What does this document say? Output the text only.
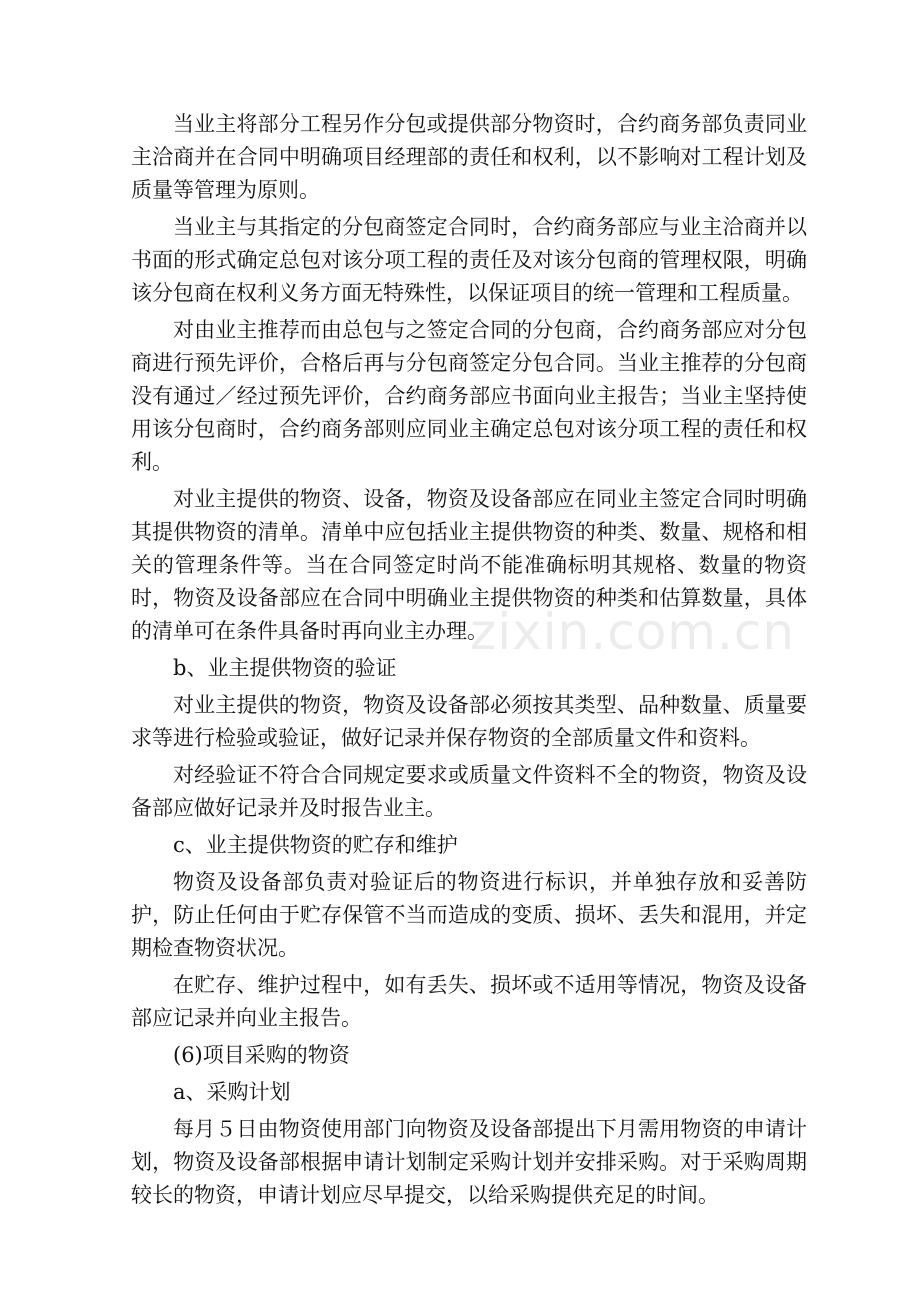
当业主将部分工程另作分包或提供部分物资时，合约商务部负责同业主洽商并在合同中明确项目经理部的责任和权利，以不影响对工程计划及质量等管理为原则。

当业主与其指定的分包商签定合同时，合约商务部应与业主洽商并以书面的形式确定总包对该分项工程的责任及对该分包商的管理权限，明确该分包商在权利义务方面无特殊性，以保证项目的统一管理和工程质量。

对由业主推荐而由总包与之签定合同的分包商，合约商务部应对分包商进行预先评价，合格后再与分包商签定分包合同。当业主推荐的分包商没有通过／经过预先评价，合约商务部应书面向业主报告；当业主坚持使用该分包商时，合约商务部则应同业主确定总包对该分项工程的责任和权利。

对业主提供的物资、设备，物资及设备部应在同业主签定合同时明确其提供物资的清单。清单中应包括业主提供物资的种类、数量、规格和相关的管理条件等。当在合同签定时尚不能准确标明其规格、数量的物资时，物资及设备部应在合同中明确业主提供物资的种类和估算数量，具体的清单可在条件具备时再向业主办理。

b、业主提供物资的验证

对业主提供的物资，物资及设备部必须按其类型、品种数量、质量要求等进行检验或验证，做好记录并保存物资的全部质量文件和资料。

对经验证不符合合同规定要求或质量文件资料不全的物资，物资及设备部应做好记录并及时报告业主。

c、业主提供物资的贮存和维护

物资及设备部负责对验证后的物资进行标识，并单独存放和妥善防护，防止任何由于贮存保管不当而造成的变质、损坏、丢失和混用，并定期检查物资状况。

在贮存、维护过程中，如有丢失、损坏或不适用等情况，物资及设备部应记录并向业主报告。

(6)项目采购的物资

a、采购计划

每月５日由物资使用部门向物资及设备部提出下月需用物资的申请计划，物资及设备部根据申请计划制定采购计划并安排采购。对于采购周期较长的物资，申请计划应尽早提交，以给采购提供充足的时间。

zixin.com.cn
